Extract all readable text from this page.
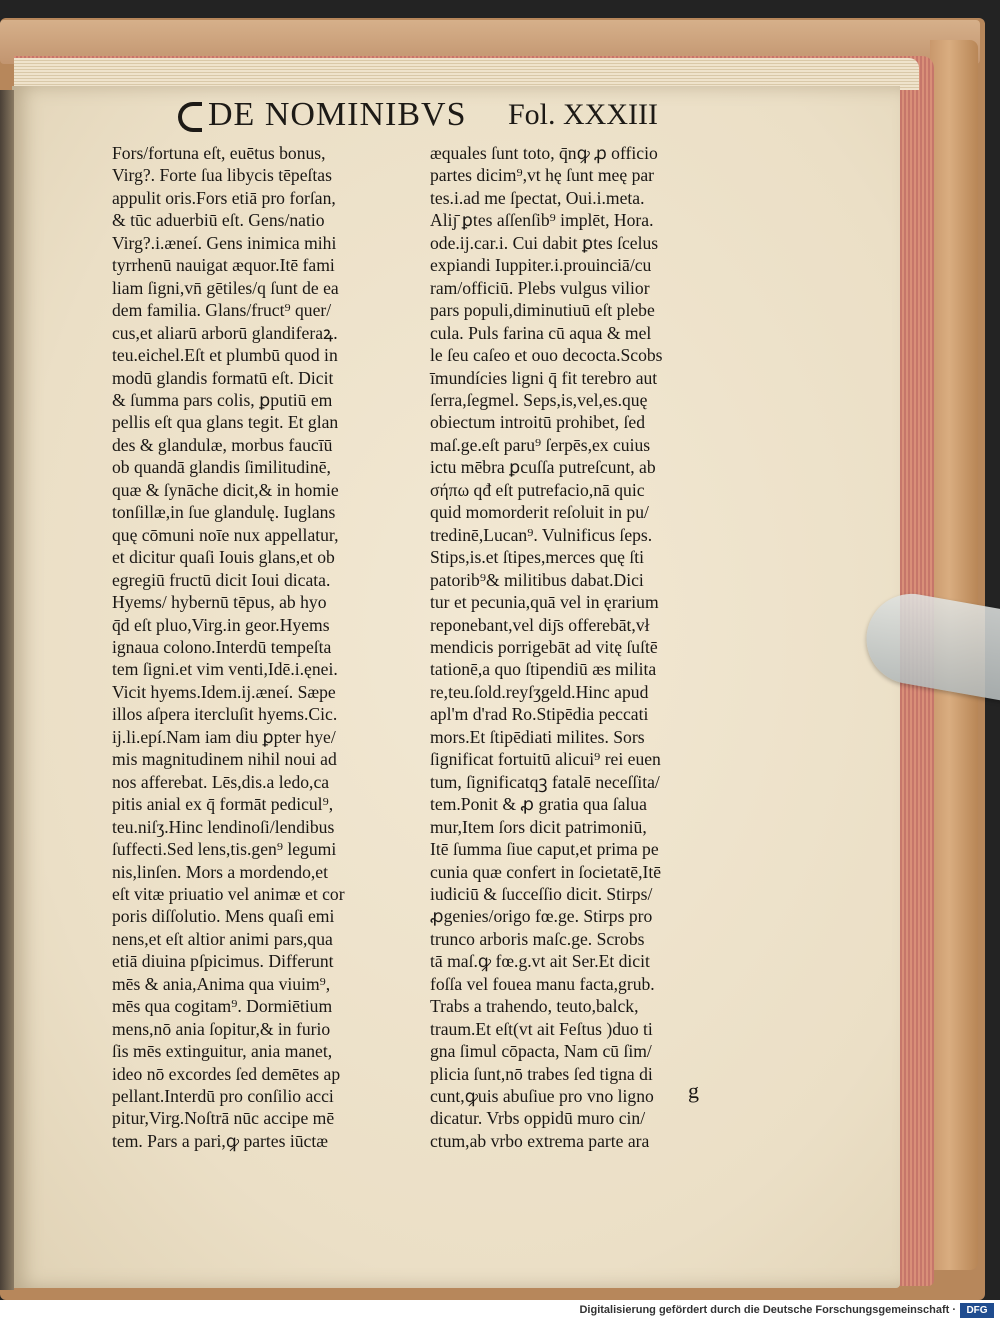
DE NOMINIBVS Fol. XXXIII
Fors/fortuna eſt, euētus bonus,
Virg?. Forte ſua libycis tēpeſtas
appulit oris.Fors etiā pro forſan,
& tūc aduerbiū eſt. Gens/natio
Virg?.i.æneí. Gens inimica mihi
tyrrhenū nauigat æquor.Itē fami
liam ſigni,vn̄ gētiles/q ſunt de ea
dem familia. Glans/fruct⁹ quer/
cus,et aliarū arborū glandiferaꝝ.
teu.eichel.Eſt et plumbū quod in
modū glandis formatū eſt. Dicit
& ſumma pars colis, ꝑputiū em
pellis eſt qua glans tegit. Et glan
des & glandulæ, morbus faucīū
ob quandā glandis ſimilitudinē,
quæ & ſynāche dicit,& in homie
tonſillæ,in ſue glandulę. Iuglans
quę cōmuni noīe nux appellatur,
et dicitur quaſi Iouis glans,et ob
egregiū fructū dicit Ioui dicata.
Hyems/ hybernū tēpus, ab hyo
q̄d eſt pluo,Virg.in geor.Hyems
ignaua colono.Interdū tempeſta
tem ſigni.et vim venti,Idē.i.ęnei.
Vicit hyems.Idem.ij.æneí. Sæpe
illos aſpera itercluſit hyems.Cic.
ij.li.epí.Nam iam diu ꝑpter hye/
mis magnitudinem nihil noui ad
nos afferebat. Lēs,dis.a ledo,ca
pitis anial ex q̄ formāt pedicul⁹,
teu.niſʒ.Hinc lendinoſi/lendibus
ſuffecti.Sed lens,tis.gen⁹ legumi
nis,linſen. Mors a mordendo,et
eſt vitæ priuatio vel animæ et cor
poris diſſolutio. Mens quaſi emi
nens,et eſt altior animi pars,qua
etiā diuina pſpicimus. Differunt
mēs & ania,Anima qua viuim⁹,
mēs qua cogitam⁹. Dormiētium
mens,nō ania ſopitur,& in furio
ſis mēs extinguitur, ania manet,
ideo nō excordes ſed demētes ap
pellant.Interdū pro conſilio acci
pitur,Virg.Noſtrā nūc accipe mē
tem. Pars a pari,ꝙ partes iūctæ
æquales ſunt toto, q̄nꝙ ꝓ officio
partes dicim⁹,vt hę ſunt meę par
tes.i.ad me ſpectat, Oui.i.meta.
Aliȷ̄ ꝑtes aſſenſib⁹ implēt, Hora.
ode.ij.car.i. Cui dabit ꝑtes ſcelus
expiandi Iuppiter.i.prouinciā/cu
ram/officiū. Plebs vulgus vilior
pars populi,diminutiuū eſt plebe
cula. Puls farina cū aqua & mel
le ſeu caſeo et ouo decocta.Scobs
īmundícies ligni q̄ fit terebro aut
ſerra,ſegmel. Seps,is,vel,es.quę
obiectum introitū prohibet, ſed
maſ.ge.eſt paru⁹ ſerpēs,ex cuius
ictu mēbra ꝑcuſſa putreſcunt, ab
σήπω qđ eſt putrefacio,nā quic
quid momorderit reſoluit in pu/
tredinē,Lucan⁹. Vulnificus ſeps.
Stips,is.et ſtipes,merces quę ſti
patorib⁹& militibus dabat.Dici
tur et pecunia,quā vel in ęrarium
reponebant,vel diȷ̄s offerebāt,vł
mendicis porrigebāt ad vitę ſuſtē
tationē,a quo ſtipendiū æs milita
re,teu.ſold.reyſʒgeld.Hinc apud
apl'm d'rad Ro.Stipēdia peccati
mors.Et ſtipēdiati milites. Sors
ſignificat fortuitū alicui⁹ rei euen
tum, ſignificatqꝫ fatalē neceſſita/
tem.Ponit & ꝓ gratia qua ſalua
mur,Item ſors dicit patrimoniū,
Itē ſumma ſiue caput,et prima pe
cunia quæ confert in ſocietatē,Itē
iudiciū & ſucceſſio dicit. Stirps/
ꝓgenies/origo fœ.ge. Stirps pro
trunco arboris maſc.ge. Scrobs
tā maſ.ꝙ fœ.g.vt ait Ser.Et dicit
foſſa vel fouea manu facta,grub.
Trabs a trahendo, teuto,balck,
traum.Et eſt(vt ait Feſtus )duo ti
gna ſimul cōpacta, Nam cū ſim/
plicia ſunt,nō trabes ſed tigna di
cunt,ꝙuis abuſiue pro vno ligno
dicatur. Vrbs oppidū muro cin/
ctum,ab vrbo extrema parte ara
g
Digitalisierung gefördert durch die Deutsche Forschungsgemeinschaft ·	DFG
